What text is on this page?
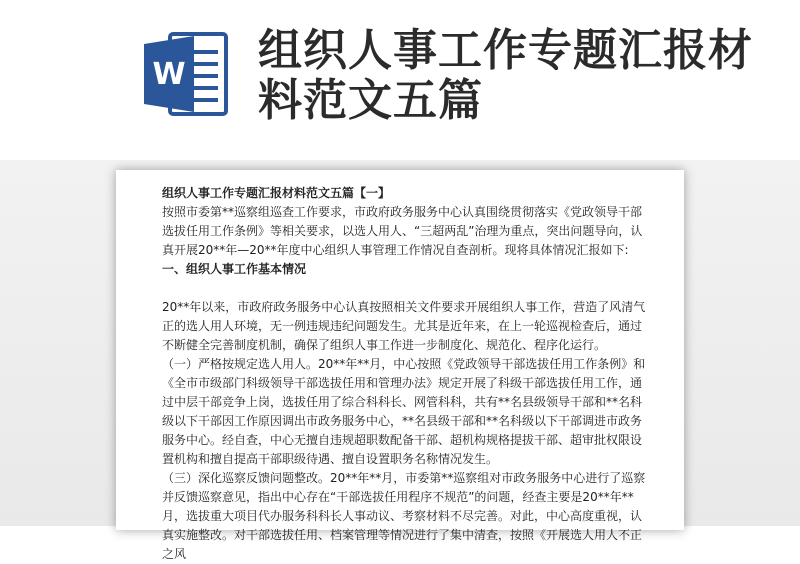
W 组织人事工作专题汇报材料范文五篇

组织人事工作专题汇报材料范文五篇【一】

按照市委第**巡察组巡查工作要求，市政府政务服务中心认真围绕贯彻落实《党政领导干部选拔任用工作条例》等相关要求，以选人用人、“三超两乱”治理为重点，突出问题导向，认真开展20**年—20**年度中心组织人事管理工作情况自查剖析。现将具体情况汇报如下:

一、组织人事工作基本情况

20**年以来，市政府政务服务中心认真按照相关文件要求开展组织人事工作，营造了风清气正的选人用人环境，无一例违规违纪问题发生。尤其是近年来，在上一轮巡视检查后，通过不断健全完善制度机制，确保了组织人事工作进一步制度化、规范化、程序化运行。

（一）严格按规定选人用人。20**年**月，中心按照《党政领导干部选拔任用工作条例》和《全市市级部门科级领导干部选拔任用和管理办法》规定开展了科级干部选拔任用工作，通过中层干部竞争上岗，选拔任用了综合科科长、网管科科，共有**名县级领导干部和**名科级以下干部因工作原因调出市政务服务中心，**名县级干部和**名科级以下干部调进市政务服务中心。经自查，中心无擅自违规超职数配备干部、超机构规格提拔干部、超审批权限设置机构和擅自提高干部职级待遇、擅自设置职务名称情况发生。

（三）深化巡察反馈问题整改。20**年**月，市委第**巡察组对市政务服务中心进行了巡察并反馈巡察意见，指出中心存在“干部选拔任用程序不规范”的问题，经查主要是20**年**月，选拔重大项目代办服务科科长人事动议、考察材料不尽完善。对此，中心高度重视，认真实施整改。对干部选拔任用、档案管理等情况进行了集中清查，按照《开展选人用人不正之风
